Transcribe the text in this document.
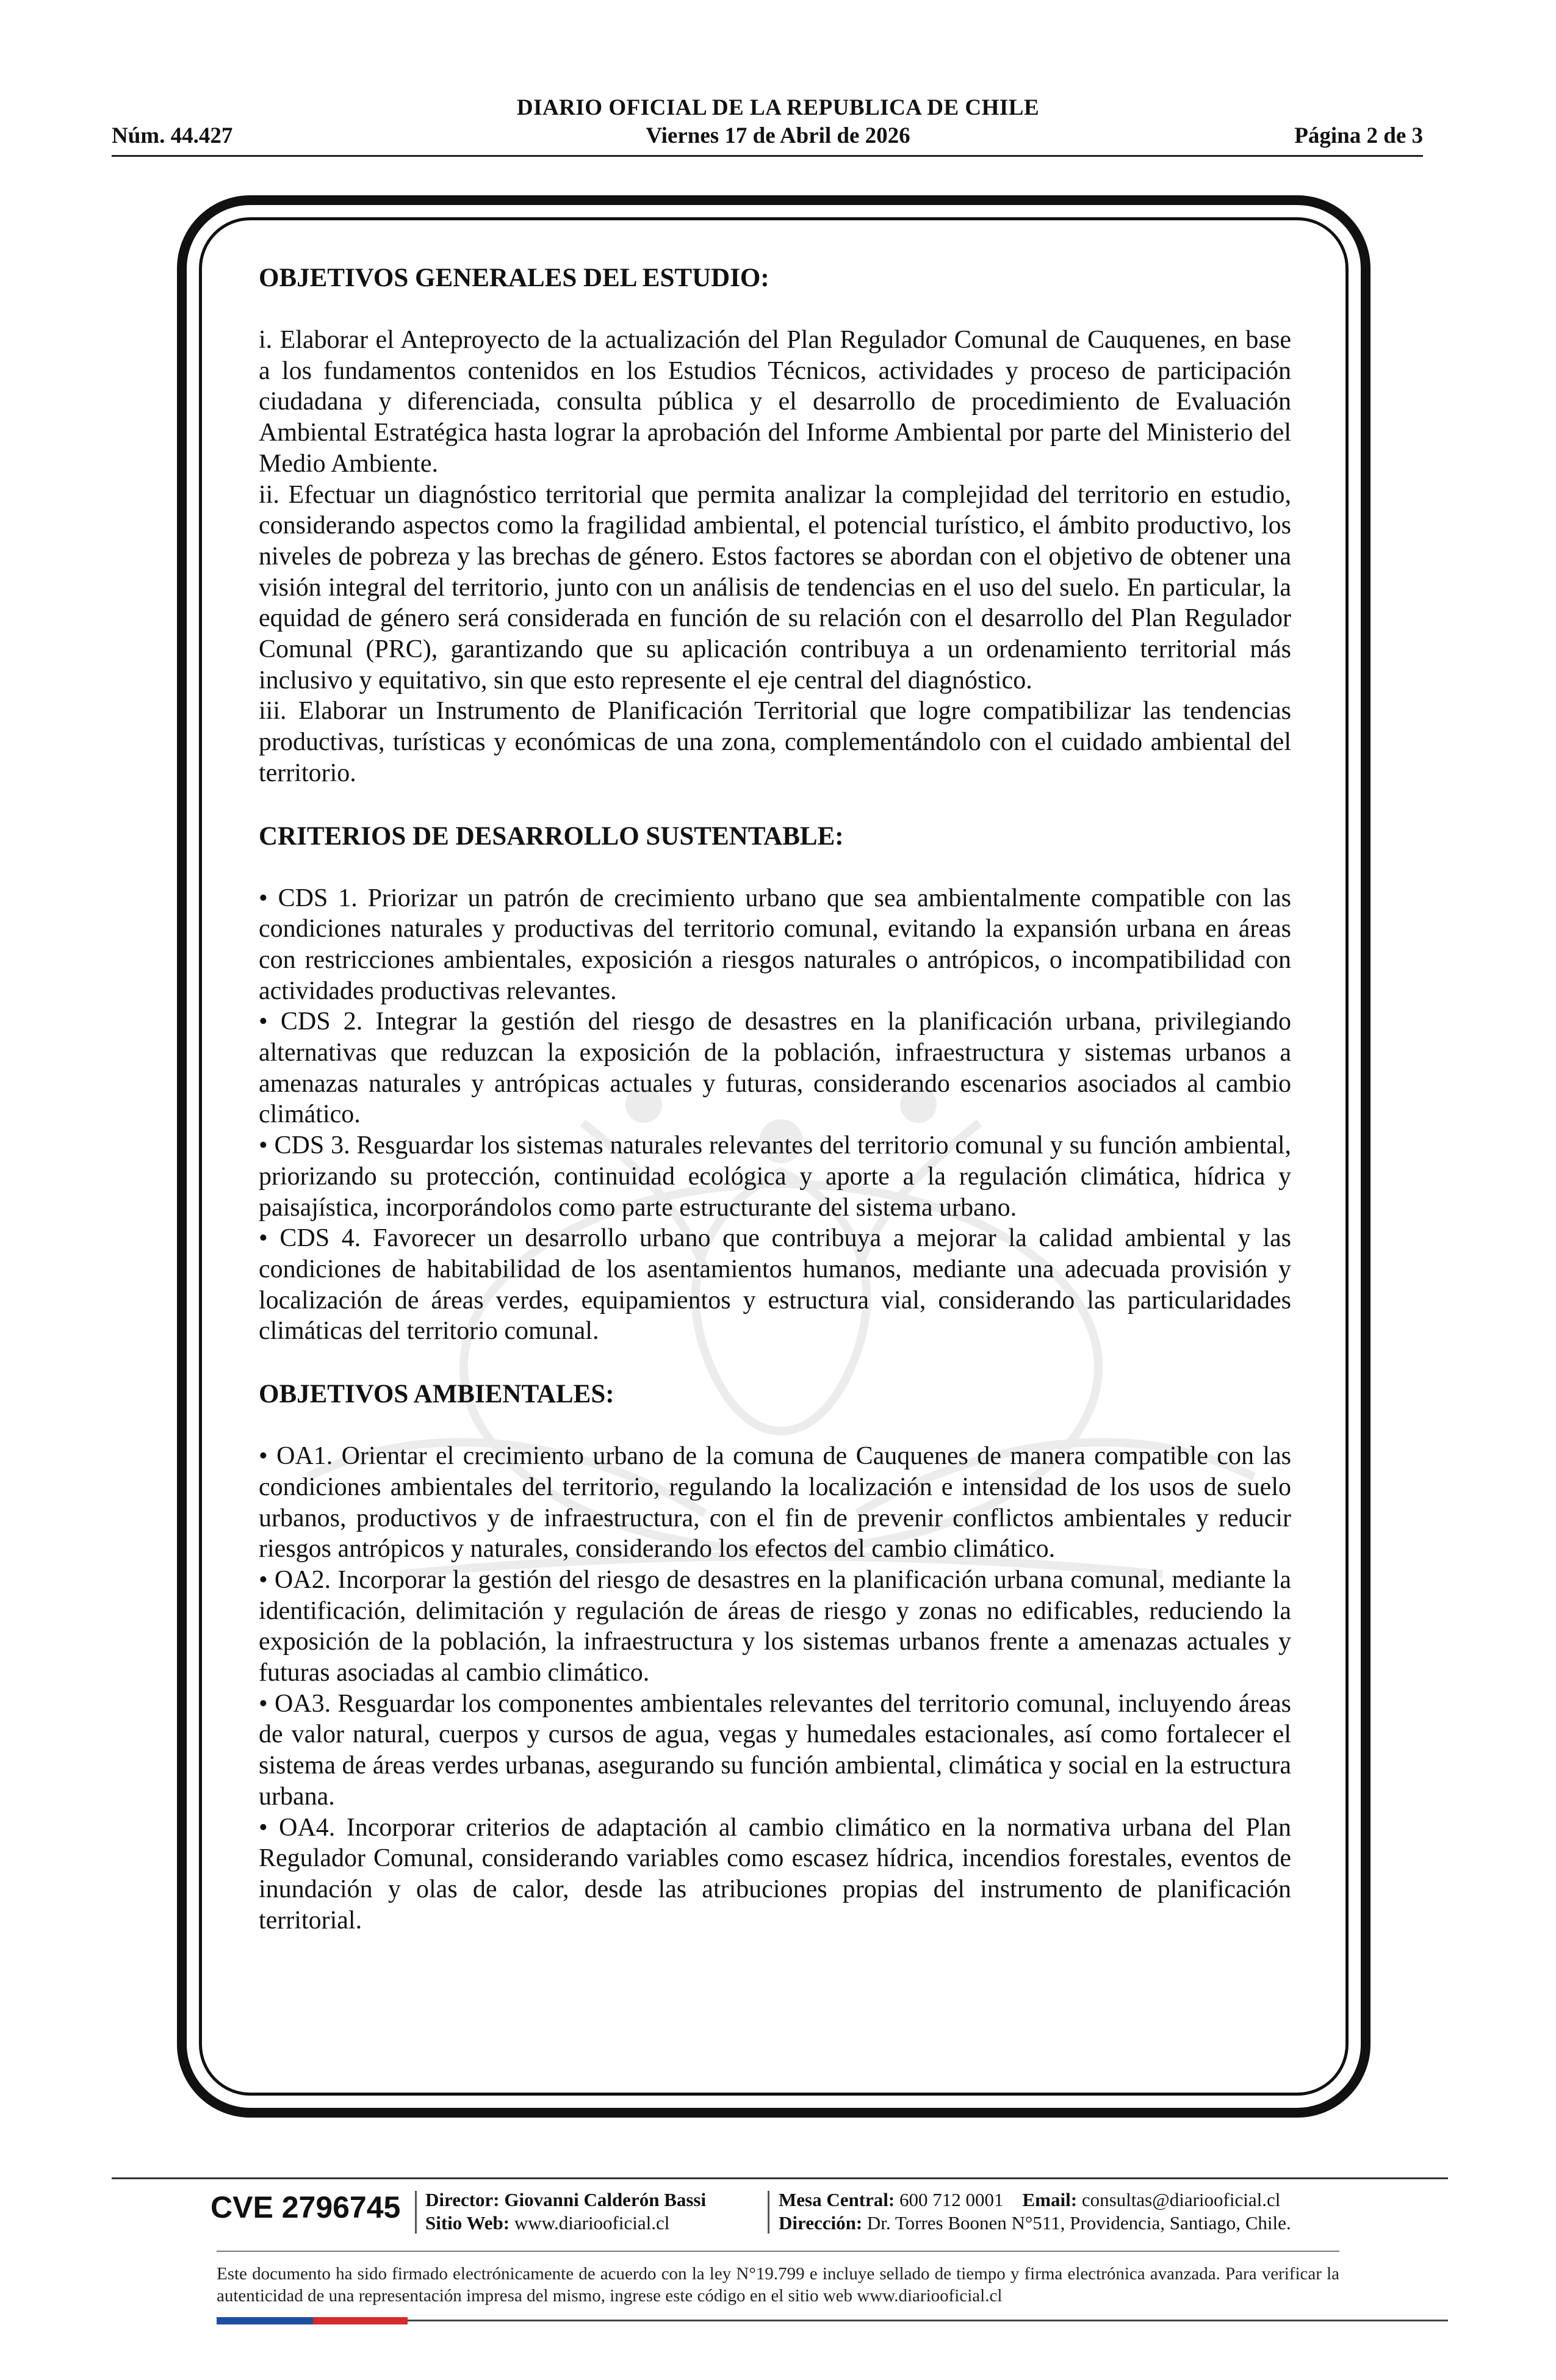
DIARIO OFICIAL DE LA REPUBLICA DE CHILE
Núm. 44.427	Viernes 17 de Abril de 2026	Página 2 de 3
OBJETIVOS GENERALES DEL ESTUDIO:

i. Elaborar el Anteproyecto de la actualización del Plan Regulador Comunal de Cauquenes, en base a los fundamentos contenidos en los Estudios Técnicos, actividades y proceso de participación ciudadana y diferenciada, consulta pública y el desarrollo de procedimiento de Evaluación Ambiental Estratégica hasta lograr la aprobación del Informe Ambiental por parte del Ministerio del Medio Ambiente.

ii. Efectuar un diagnóstico territorial que permita analizar la complejidad del territorio en estudio, considerando aspectos como la fragilidad ambiental, el potencial turístico, el ámbito productivo, los niveles de pobreza y las brechas de género. Estos factores se abordan con el objetivo de obtener una visión integral del territorio, junto con un análisis de tendencias en el uso del suelo. En particular, la equidad de género será considerada en función de su relación con el desarrollo del Plan Regulador Comunal (PRC), garantizando que su aplicación contribuya a un ordenamiento territorial más inclusivo y equitativo, sin que esto represente el eje central del diagnóstico.

iii. Elaborar un Instrumento de Planificación Territorial que logre compatibilizar las tendencias productivas, turísticas y económicas de una zona, complementándolo con el cuidado ambiental del territorio.

CRITERIOS DE DESARROLLO SUSTENTABLE:

• CDS 1. Priorizar un patrón de crecimiento urbano que sea ambientalmente compatible con las condiciones naturales y productivas del territorio comunal, evitando la expansión urbana en áreas con restricciones ambientales, exposición a riesgos naturales o antrópicos, o incompatibilidad con actividades productivas relevantes.

• CDS 2. Integrar la gestión del riesgo de desastres en la planificación urbana, privilegiando alternativas que reduzcan la exposición de la población, infraestructura y sistemas urbanos a amenazas naturales y antrópicas actuales y futuras, considerando escenarios asociados al cambio climático.

• CDS 3. Resguardar los sistemas naturales relevantes del territorio comunal y su función ambiental, priorizando su protección, continuidad ecológica y aporte a la regulación climática, hídrica y paisajística, incorporándolos como parte estructurante del sistema urbano.

• CDS 4. Favorecer un desarrollo urbano que contribuya a mejorar la calidad ambiental y las condiciones de habitabilidad de los asentamientos humanos, mediante una adecuada provisión y localización de áreas verdes, equipamientos y estructura vial, considerando las particularidades climáticas del territorio comunal.

OBJETIVOS AMBIENTALES:

• OA1. Orientar el crecimiento urbano de la comuna de Cauquenes de manera compatible con las condiciones ambientales del territorio, regulando la localización e intensidad de los usos de suelo urbanos, productivos y de infraestructura, con el fin de prevenir conflictos ambientales y reducir riesgos antrópicos y naturales, considerando los efectos del cambio climático.

• OA2. Incorporar la gestión del riesgo de desastres en la planificación urbana comunal, mediante la identificación, delimitación y regulación de áreas de riesgo y zonas no edificables, reduciendo la exposición de la población, la infraestructura y los sistemas urbanos frente a amenazas actuales y futuras asociadas al cambio climático.

• OA3. Resguardar los componentes ambientales relevantes del territorio comunal, incluyendo áreas de valor natural, cuerpos y cursos de agua, vegas y humedales estacionales, así como fortalecer el sistema de áreas verdes urbanas, asegurando su función ambiental, climática y social en la estructura urbana.

• OA4. Incorporar criterios de adaptación al cambio climático en la normativa urbana del Plan Regulador Comunal, considerando variables como escasez hídrica, incendios forestales, eventos de inundación y olas de calor, desde las atribuciones propias del instrumento de planificación territorial.

CVE 2796745 Director: Giovanni Calderón Bassi
Sitio Web: www.diariooficial.cl
Mesa Central: 600 712 0001 Email: consultas@diariooficial.cl
Dirección: Dr. Torres Boonen N°511, Providencia, Santiago, Chile.
Este documento ha sido firmado electrónicamente de acuerdo con la ley N°19.799 e incluye sellado de tiempo y firma electrónica avanzada. Para verificar la autenticidad de una representación impresa del mismo, ingrese este código en el sitio web www.diariooficial.cl
